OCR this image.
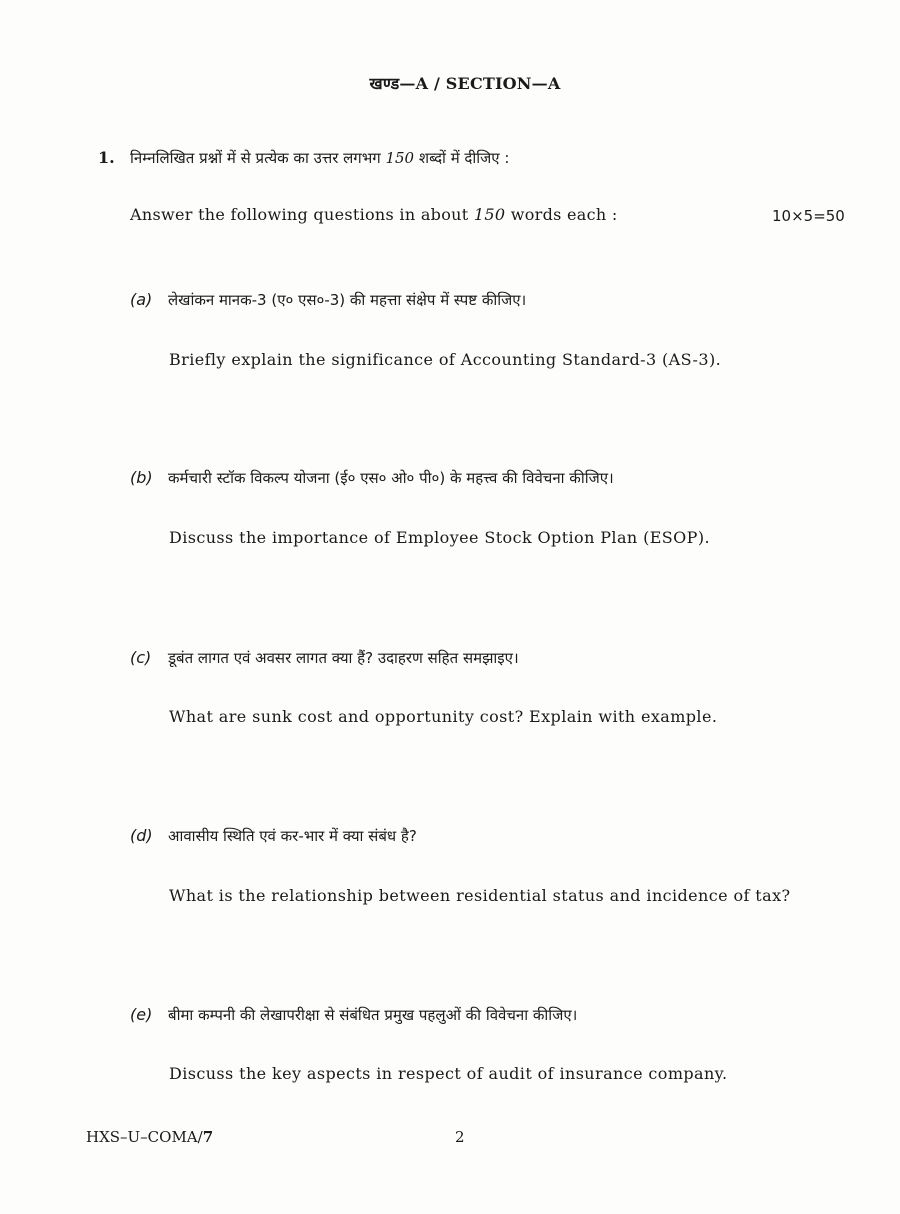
खण्ड—A / SECTION—A
1. निम्नलिखित प्रश्नों में से प्रत्येक का उत्तर लगभग 150 शब्दों में दीजिए :
Answer the following questions in about 150 words each :	10×5=50
(a) लेखांकन मानक-3 (ए० एस०-3) की महत्ता संक्षेप में स्पष्ट कीजिए।
Briefly explain the significance of Accounting Standard-3 (AS-3).
(b) कर्मचारी स्टॉक विकल्प योजना (ई० एस० ओ० पी०) के महत्त्व की विवेचना कीजिए।
Discuss the importance of Employee Stock Option Plan (ESOP).
(c) डूबंत लागत एवं अवसर लागत क्या हैं? उदाहरण सहित समझाइए।
What are sunk cost and opportunity cost? Explain with example.
(d) आवासीय स्थिति एवं कर-भार में क्या संबंध है?
What is the relationship between residential status and incidence of tax?
(e) बीमा कम्पनी की लेखापरीक्षा से संबंधित प्रमुख पहलुओं की विवेचना कीजिए।
Discuss the key aspects in respect of audit of insurance company.
HXS–U–COMA/7	2
